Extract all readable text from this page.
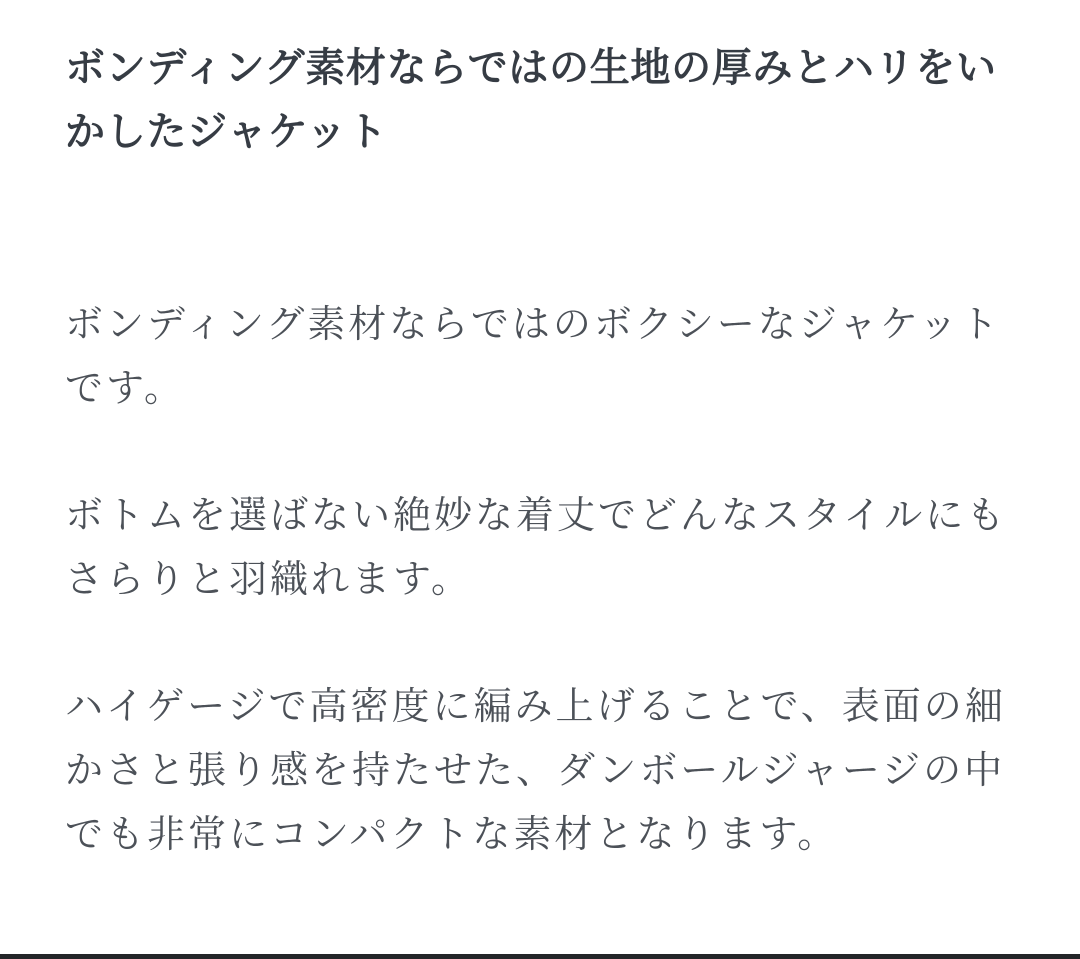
ボンディング素材ならではの生地の厚みとハリをい
かしたジャケット

ボンディング素材ならではのボクシーなジャケット
です。

ボトムを選ばない絶妙な着丈でどんなスタイルにも
さらりと羽織れます。

ハイゲージで高密度に編み上げることで、表面の細
かさと張り感を持たせた、ダンボールジャージの中
でも非常にコンパクトな素材となります。
